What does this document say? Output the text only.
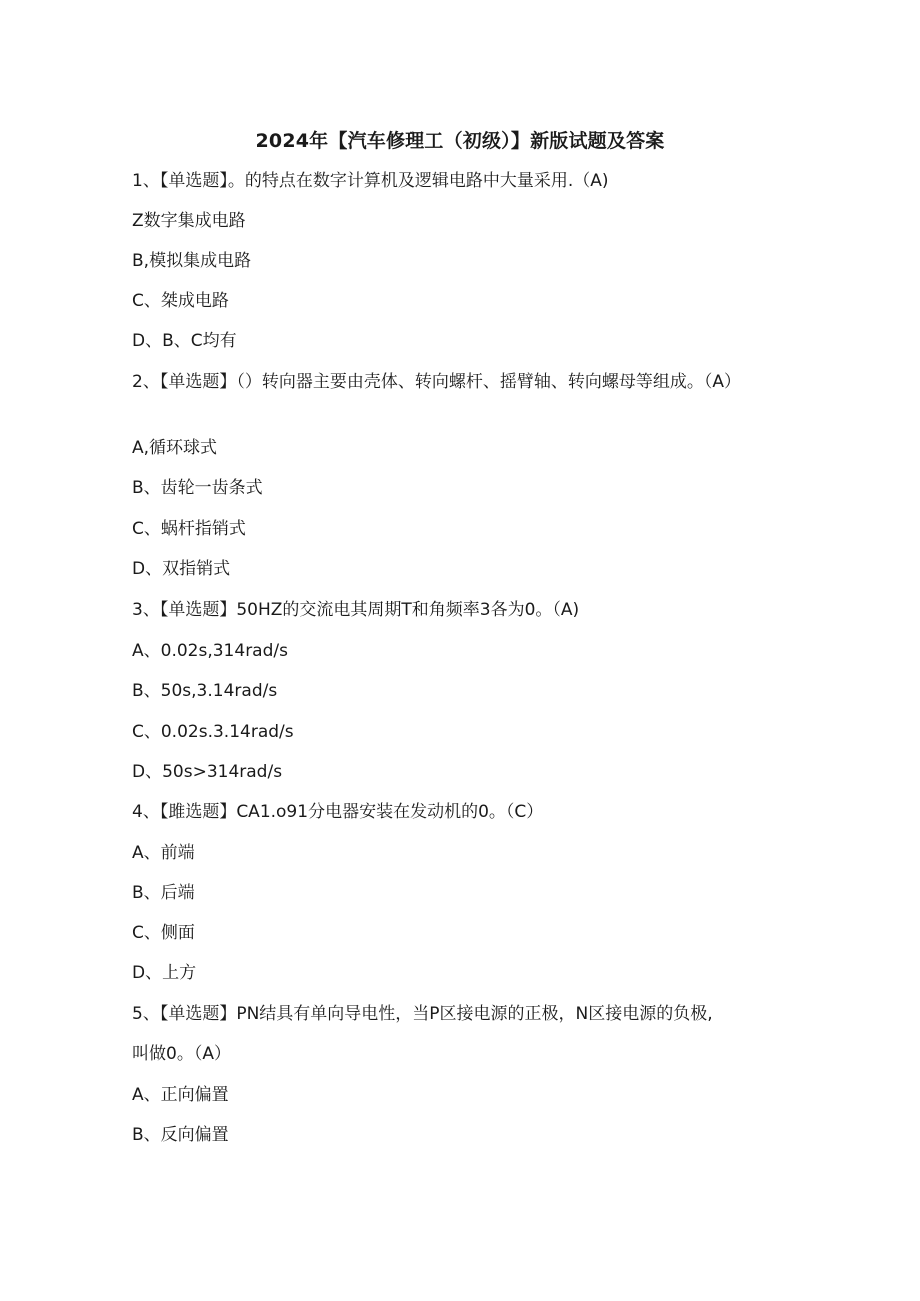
2024年【汽车修理工（初级）】新版试题及答案
1、【单选题】。的特点在数字计算机及逻辑电路中大量采用.（A)
Z数字集成电路
B,模拟集成电路
C、桀成电路
D、B、C均有
2、【单选题】（）转向器主要由壳体、转向螺杆、摇臂轴、转向螺母等组成。（A）
A,循环球式
B、齿轮一齿条式
C、蜗杆指销式
D、双指销式
3、【单选题】50HZ的交流电其周期T和角频率3各为0。（A)
A、0.02s,314rad/s
B、50s,3.14rad/s
C、0.02s.3.14rad/s
D、50s>314rad/s
4、【雎选题】CA1.o91分电器安装在发动机的0。（C）
A、前端
B、后端
C、侧面
D、上方
5、【单选题】PN结具有单向导电性，当P区接电源的正极，N区接电源的负极,
叫做0。（A）
A、正向偏置
B、反向偏置
